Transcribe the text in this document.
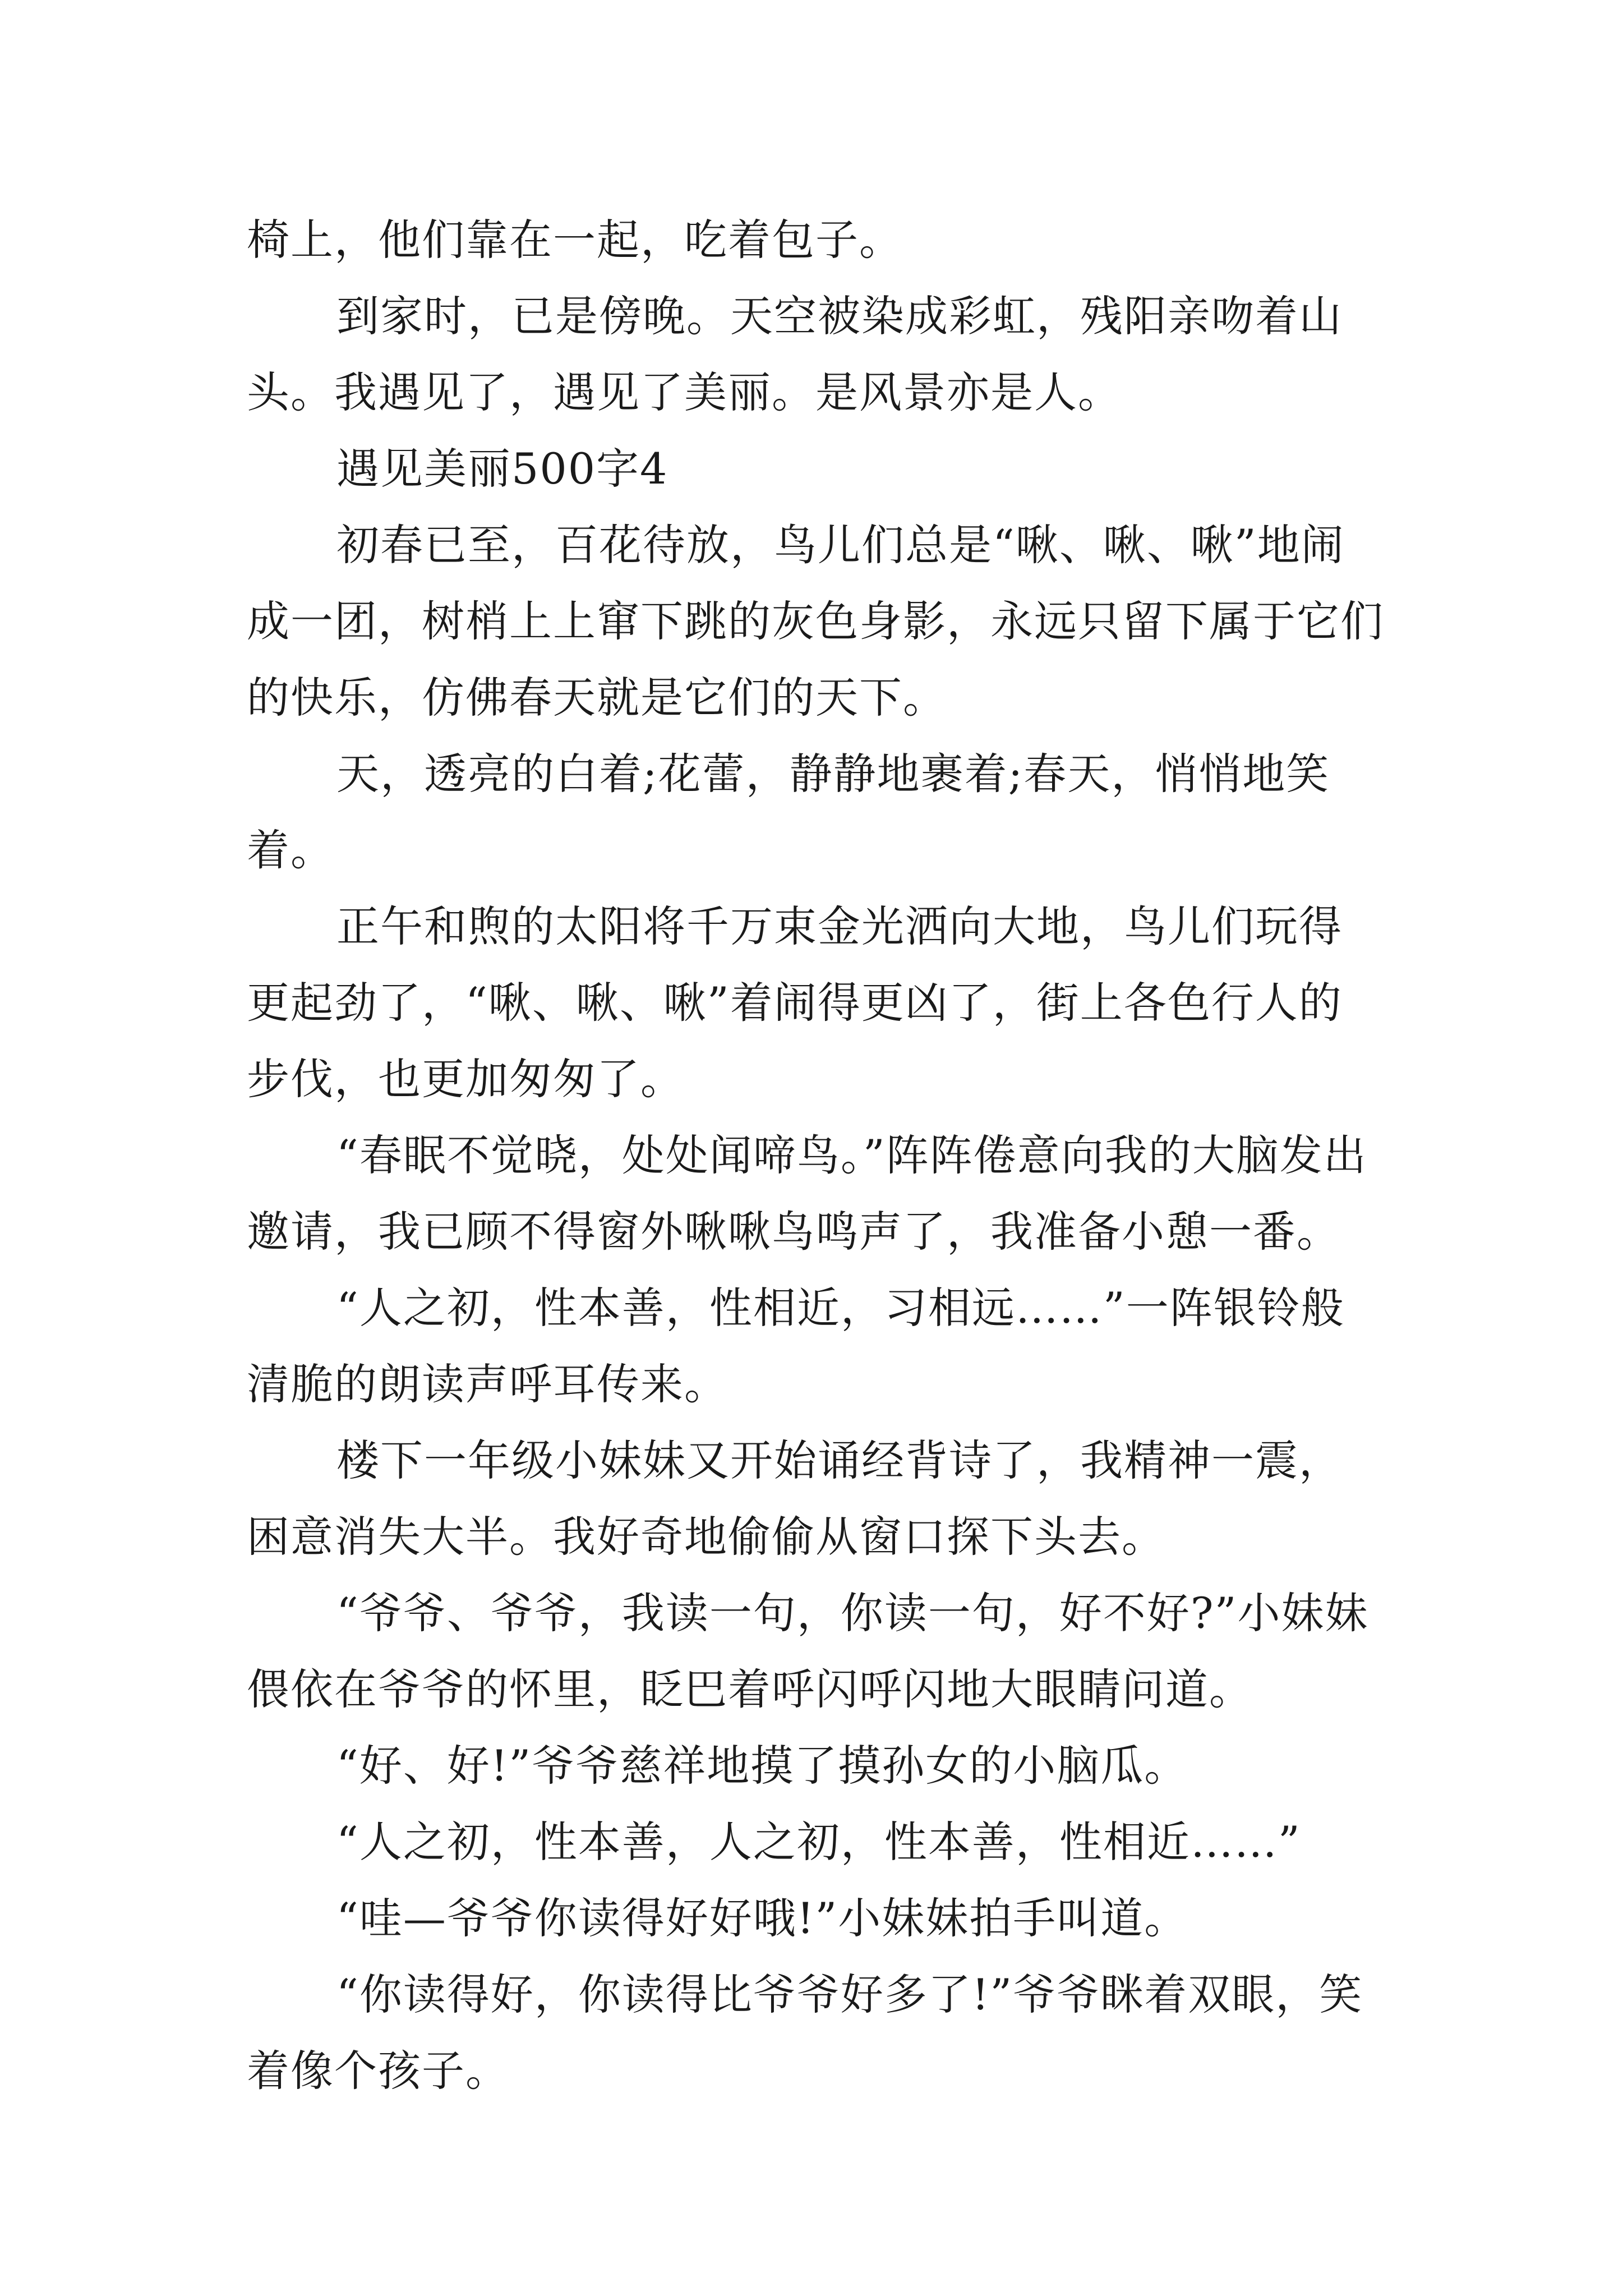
椅上，他们靠在一起，吃着包子。

到家时，已是傍晚。天空被染成彩虹，残阳亲吻着山头。我遇见了，遇见了美丽。是风景亦是人。

遇见美丽500字4

初春已至，百花待放，鸟儿们总是“啾、啾、啾”地闹成一团，树梢上上窜下跳的灰色身影，永远只留下属于它们的快乐，仿佛春天就是它们的天下。

天，透亮的白着;花蕾，静静地裹着;春天，悄悄地笑着。

正午和煦的太阳将千万束金光洒向大地，鸟儿们玩得更起劲了，“啾、啾、啾”着闹得更凶了，街上各色行人的步伐，也更加匆匆了。

“春眠不觉晓，处处闻啼鸟。”阵阵倦意向我的大脑发出邀请，我已顾不得窗外啾啾鸟鸣声了，我准备小憩一番。

“人之初，性本善，性相近，习相远……”一阵银铃般清脆的朗读声呼耳传来。

楼下一年级小妹妹又开始诵经背诗了，我精神一震，困意消失大半。我好奇地偷偷从窗口探下头去。

“爷爷、爷爷，我读一句，你读一句，好不好?”小妹妹偎依在爷爷的怀里，眨巴着呼闪呼闪地大眼睛问道。

“好、好!”爷爷慈祥地摸了摸孙女的小脑瓜。

“人之初，性本善，人之初，性本善，性相近……”

“哇—爷爷你读得好好哦!”小妹妹拍手叫道。

“你读得好，你读得比爷爷好多了!”爷爷眯着双眼，笑着像个孩子。
